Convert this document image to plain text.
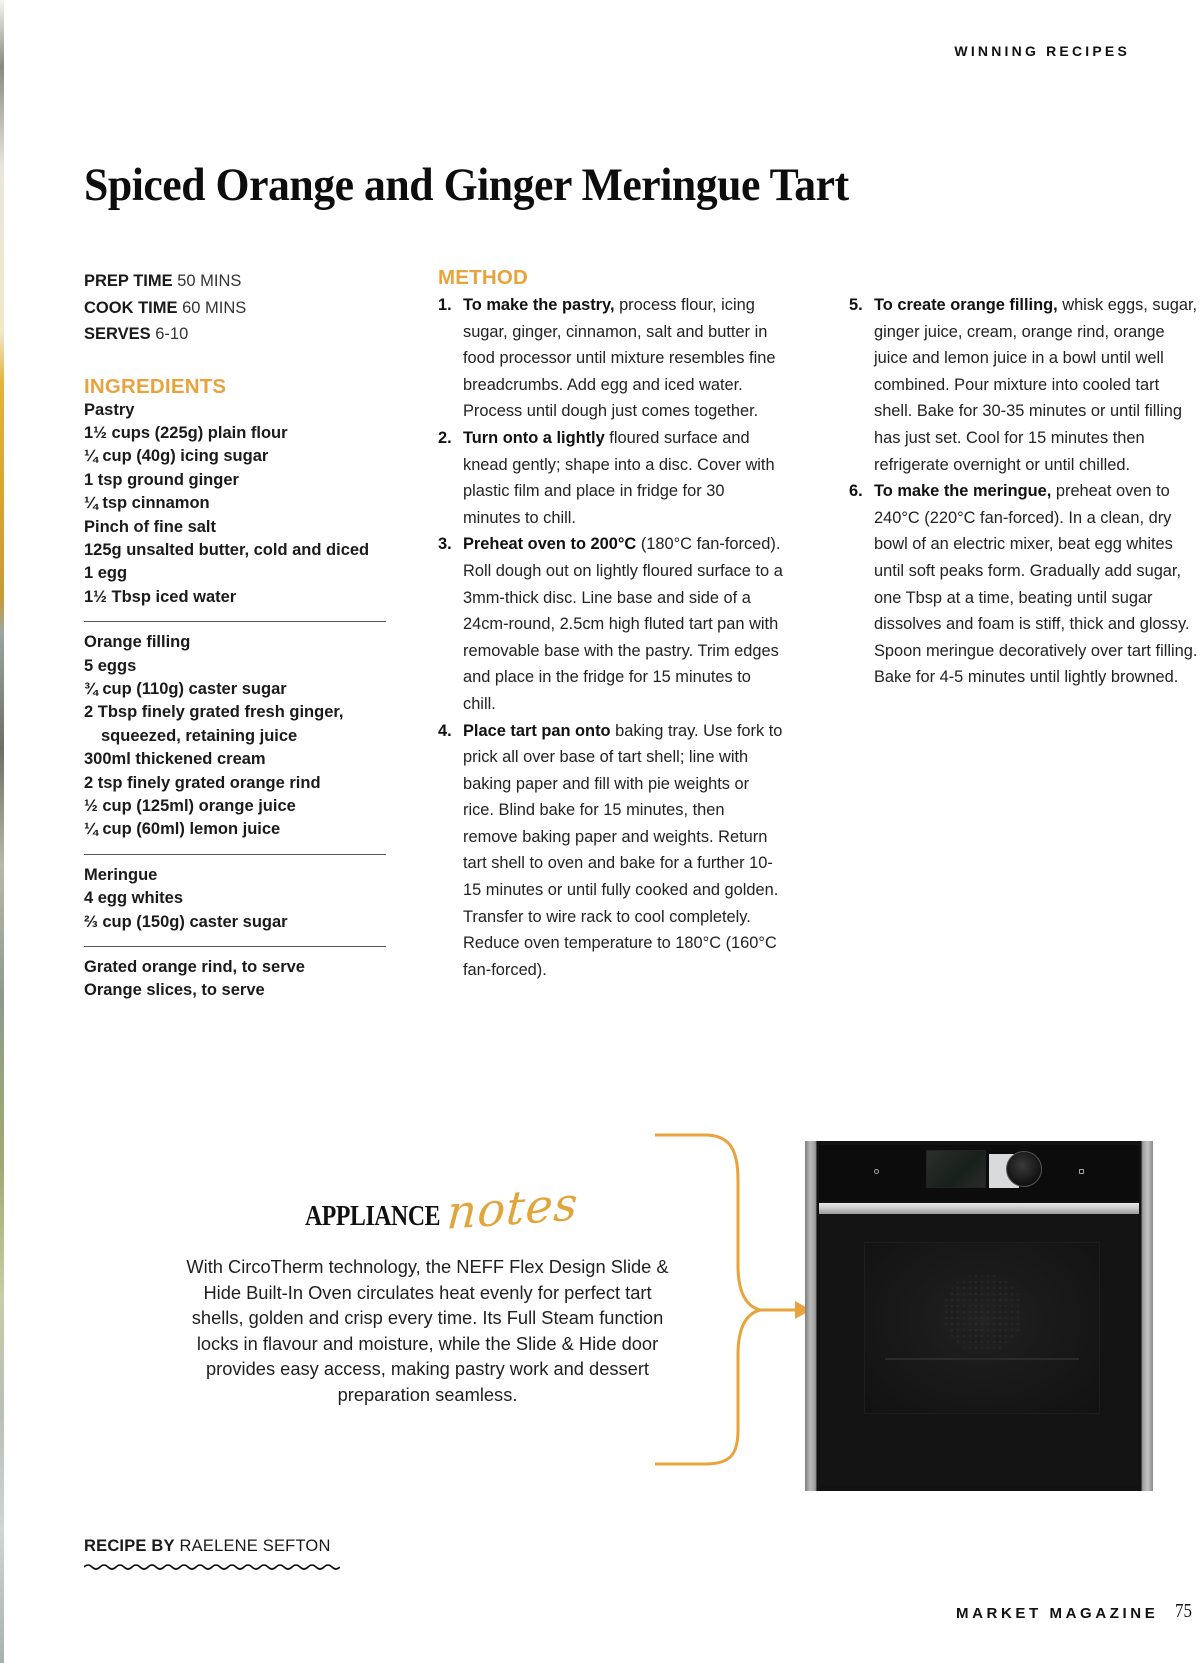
WINNING RECIPES
Spiced Orange and Ginger Meringue Tart
PREP TIME 50 MINS
COOK TIME 60 MINS
SERVES 6-10
INGREDIENTS
Pastry
1½ cups (225g) plain flour
¼ cup (40g) icing sugar
1 tsp ground ginger
¼ tsp cinnamon
Pinch of fine salt
125g unsalted butter, cold and diced
1 egg
1½ Tbsp iced water
Orange filling
5 eggs
¾ cup (110g) caster sugar
2 Tbsp finely grated fresh ginger,
squeezed, retaining juice
300ml thickened cream
2 tsp finely grated orange rind
½ cup (125ml) orange juice
¼ cup (60ml) lemon juice
Meringue
4 egg whites
⅔ cup (150g) caster sugar
Grated orange rind, to serve
Orange slices, to serve
METHOD
1. To make the pastry, process flour, icing sugar, ginger, cinnamon, salt and butter in food processor until mixture resembles fine breadcrumbs. Add egg and iced water. Process until dough just comes together.
2. Turn onto a lightly floured surface and knead gently; shape into a disc. Cover with plastic film and place in fridge for 30 minutes to chill.
3. Preheat oven to 200°C (180°C fan-forced). Roll dough out on lightly floured surface to a 3mm-thick disc. Line base and side of a 24cm-round, 2.5cm high fluted tart pan with removable base with the pastry. Trim edges and place in the fridge for 15 minutes to chill.
4. Place tart pan onto baking tray. Use fork to prick all over base of tart shell; line with baking paper and fill with pie weights or rice. Blind bake for 15 minutes, then remove baking paper and weights. Return tart shell to oven and bake for a further 10-15 minutes or until fully cooked and golden. Transfer to wire rack to cool completely. Reduce oven temperature to 180°C (160°C fan-forced).
5. To create orange filling, whisk eggs, sugar, ginger juice, cream, orange rind, orange juice and lemon juice in a bowl until well combined. Pour mixture into cooled tart shell. Bake for 30-35 minutes or until filling has just set. Cool for 15 minutes then refrigerate overnight or until chilled.
6. To make the meringue, preheat oven to 240°C (220°C fan-forced). In a clean, dry bowl of an electric mixer, beat egg whites until soft peaks form. Gradually add sugar, one Tbsp at a time, beating until sugar dissolves and foam is stiff, thick and glossy. Spoon meringue decoratively over tart filling. Bake for 4-5 minutes until lightly browned.
APPLIANCE notes

With CircoTherm technology, the NEFF Flex Design Slide & Hide Built-In Oven circulates heat evenly for perfect tart shells, golden and crisp every time. Its Full Steam function locks in flavour and moisture, while the Slide & Hide door provides easy access, making pastry work and dessert preparation seamless.

RECIPE BY RAELENE SEFTON
MARKET MAGAZINE 75
